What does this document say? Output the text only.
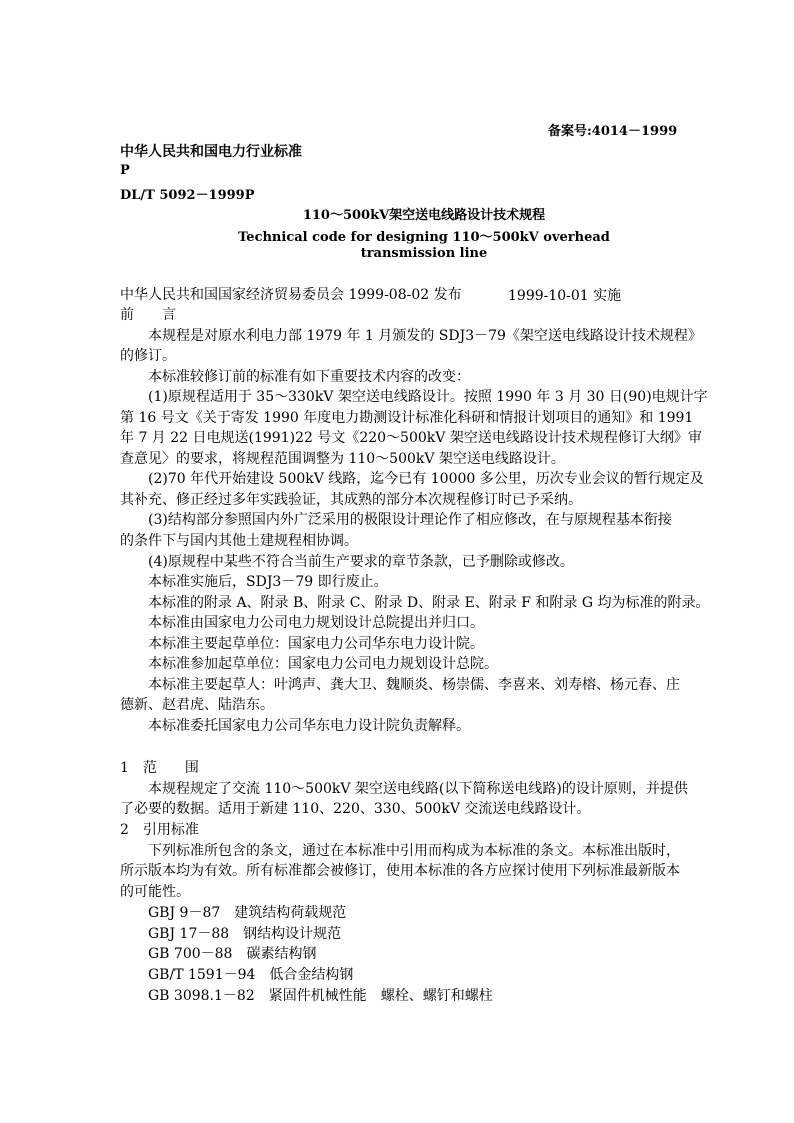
备案号:4014－1999
中华人民共和国电力行业标准
P
DL/T 5092－1999P
110～500kV架空送电线路设计技术规程
Technical code for designing 110～500kV overhead
transmission line
中华人民共和国国家经济贸易委员会 1999-08-02 发布	1999-10-01 实施
前　　言
本规程是对原水利电力部 1979 年 1 月颁发的 SDJ3－79《架空送电线路设计技术规程》
的修订。
本标准较修订前的标准有如下重要技术内容的改变：
(1)原规程适用于 35～330kV 架空送电线路设计。按照 1990 年 3 月 30 日(90)电规计字
第 16 号文《关于寄发 1990 年度电力勘测设计标准化科研和情报计划项目的通知》和 1991
年 7 月 22 日电规送(1991)22 号文《220～500kV 架空送电线路设计技术规程修订大纲》审
查意见〉的要求，将规程范围调整为 110～500kV 架空送电线路设计。
(2)70 年代开始建设 500kV 线路，迄今已有 10000 多公里，历次专业会议的暂行规定及
其补充、修正经过多年实践验证，其成熟的部分本次规程修订时已予采纳。
(3)结构部分参照国内外广泛采用的极限设计理论作了相应修改，在与原规程基本衔接
的条件下与国内其他土建规程相协调。
(4)原规程中某些不符合当前生产要求的章节条款，已予删除或修改。
本标准实施后，SDJ3－79 即行废止。
本标准的附录 A、附录 B、附录 C、附录 D、附录 E、附录 F 和附录 G 均为标准的附录。
本标准由国家电力公司电力规划设计总院提出并归口。
本标准主要起草单位：国家电力公司华东电力设计院。
本标准参加起草单位：国家电力公司电力规划设计总院。
本标准主要起草人：叶鸿声、龚大卫、魏顺炎、杨崇儒、李喜来、刘寿榕、杨元春、庄
德新、赵君虎、陆浩东。
本标准委托国家电力公司华东电力设计院负责解释。
1　范　　围
本规程规定了交流 110～500kV 架空送电线路(以下简称送电线路)的设计原则，并提供
了必要的数据。适用于新建 110、220、330、500kV 交流送电线路设计。
2　引用标准
下列标准所包含的条文，通过在本标准中引用而构成为本标准的条文。本标准出版时，
所示版本均为有效。所有标准都会被修订，使用本标准的各方应探讨使用下列标准最新版本
的可能性。
GBJ 9－87　建筑结构荷载规范
GBJ 17－88　钢结构设计规范
GB 700－88　碳素结构钢
GB/T 1591－94　低合金结构钢
GB 3098.1－82　紧固件机械性能　螺栓、螺钉和螺柱
